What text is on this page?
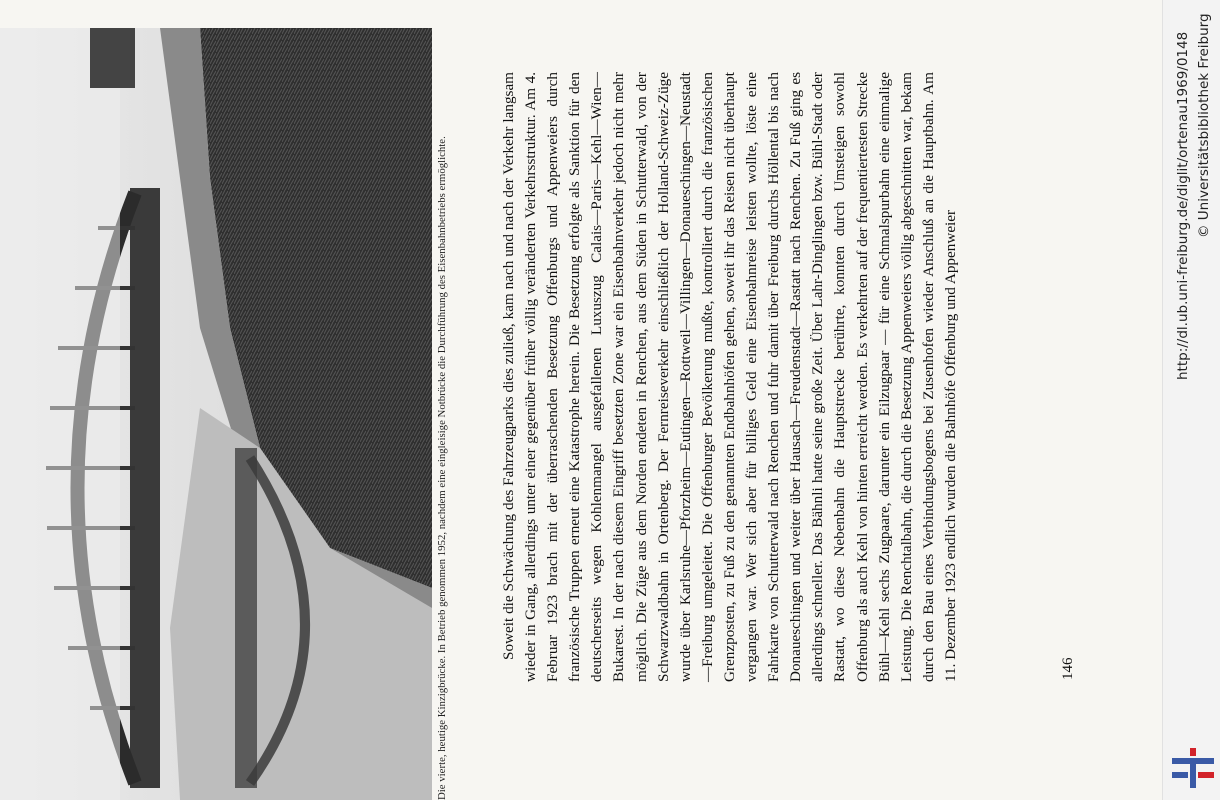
Die vierte, heutige Kinzigbrücke. In Betrieb genommen 1952, nachdem eine eingleisige Notbrücke die Durchführung des Eisenbahnbetriebs ermöglichte.	Soweit die Schwächung des Fahrzeugparks dies zuließ, kam nach und nach der Verkehr langsam wieder in Gang, allerdings unter einer gegenüber früher völlig veränderten Verkehrsstruktur. Am 4. Februar 1923 brach mit der überraschenden Besetzung Offenburgs und Appenweiers durch französische Truppen erneut eine Katastrophe herein. Die Besetzung erfolgte als Sanktion für den deutscherseits wegen Kohlenmangel ausgefallenen Luxuszug Calais—Paris—Kehl—Wien—Bukarest. In der nach diesem Eingriff besetzten Zone war ein Eisenbahnverkehr jedoch nicht mehr möglich. Die Züge aus dem Norden endeten in Renchen, aus dem Süden in Schutterwald, von der Schwarzwaldbahn in Ortenberg. Der Fernreiseverkehr einschließlich der Holland-Schweiz-Züge wurde über Karlsruhe—Pforzheim—Eutingen—Rottweil—Villingen—Donaueschingen—Neustadt—Freiburg umgeleitet. Die Offenburger Bevölkerung mußte, kontrolliert durch die französischen Grenzposten, zu Fuß zu den genannten Endbahnhöfen gehen, soweit ihr das Reisen nicht überhaupt vergangen war. Wer sich aber für billiges Geld eine Eisenbahnreise leisten wollte, löste eine Fahrkarte von Schutterwald nach Renchen und fuhr damit über Freiburg durchs Höllental bis nach Donaueschingen und weiter über Hausach—Freudenstadt—Rastatt nach Renchen. Zu Fuß ging es allerdings schneller. Das Bähnli hatte seine große Zeit. Über Lahr-Dinglingen bzw. Bühl-Stadt oder Rastatt, wo diese Nebenbahn die Hauptstrecke berührte, konnten durch Umsteigen sowohl Offenburg als auch Kehl von hinten erreicht werden. Es verkehrten auf der frequentiertesten Strecke Bühl—Kehl sechs Zugpaare, darunter ein Eilzugpaar — für eine Schmalspurbahn eine einmalige Leistung. Die Renchtalbahn, die durch die Besetzung Appenweiers völlig abgeschnitten war, bekam durch den Bau eines Verbindungsbogens bei Zusenhofen wieder Anschluß an die Hauptbahn. Am 11. Dezember 1923 endlich wurden die Bahnhöfe Offenburg und Appenweier	146
http://dl.ub.uni-freiburg.de/diglit/ortenau1969/0148 © Universitätsbibliothek Freiburg
